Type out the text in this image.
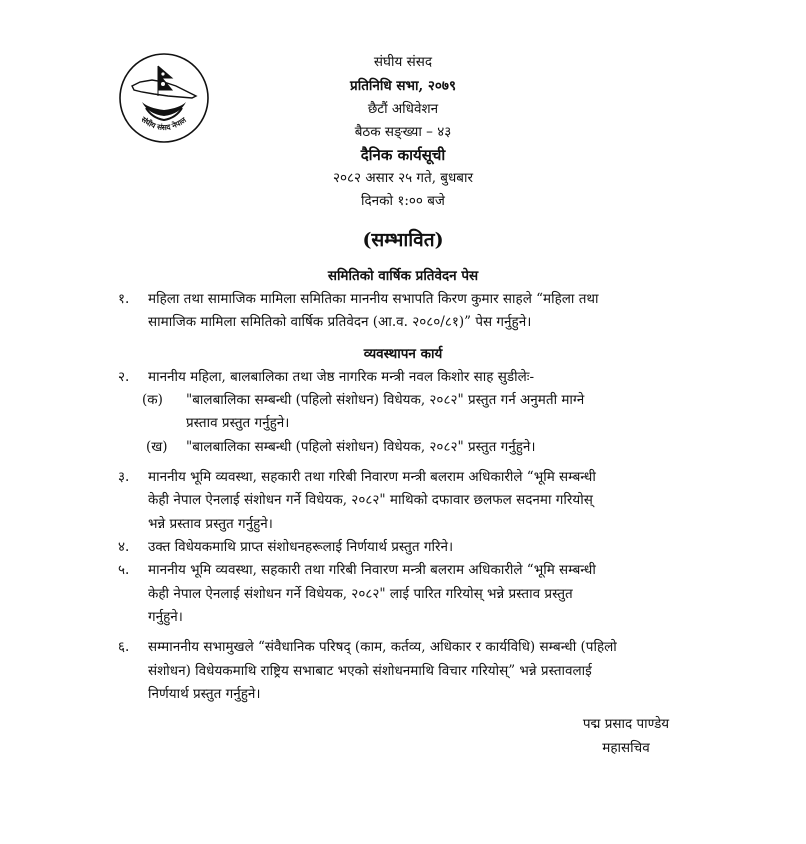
संघीय संसद नेपाल
संघीय संसद
प्रतिनिधि सभा, २०७९
छैटौं अधिवेशन
बैठक सङ्ख्या – ४३
दैनिक कार्यसूची
२०८२ असार २५ गते, बुधबार
दिनको १:०० बजे
(सम्भावित)
समितिको वार्षिक प्रतिवेदन पेस
१. महिला तथा सामाजिक मामिला समितिका माननीय सभापति किरण कुमार साहले “महिला तथा
सामाजिक मामिला समितिको वार्षिक प्रतिवेदन (आ.व. २०८०/८१)” पेस गर्नुहुने।
व्यवस्थापन कार्य
२. माननीय महिला, बालबालिका तथा जेष्ठ नागरिक मन्त्री नवल किशोर साह सुडीलेः-
(क) "बालबालिका सम्बन्धी (पहिलो संशोधन) विधेयक, २०८२" प्रस्तुत गर्न अनुमती माग्ने
प्रस्ताव प्रस्तुत गर्नुहुने।
(ख) "बालबालिका सम्बन्धी (पहिलो संशोधन) विधेयक, २०८२" प्रस्तुत गर्नुहुने।
३. माननीय भूमि व्यवस्था, सहकारी तथा गरिबी निवारण मन्त्री बलराम अधिकारीले “भूमि सम्बन्धी
केही नेपाल ऐनलाई संशोधन गर्ने विधेयक, २०८२" माथिको दफावार छलफल सदनमा गरियोस्
भन्ने प्रस्ताव प्रस्तुत गर्नुहुने।
४. उक्त विधेयकमाथि प्राप्त संशोधनहरूलाई निर्णयार्थ प्रस्तुत गरिने।
५. माननीय भूमि व्यवस्था, सहकारी तथा गरिबी निवारण मन्त्री बलराम अधिकारीले “भूमि सम्बन्धी
केही नेपाल ऐनलाई संशोधन गर्ने विधेयक, २०८२" लाई पारित गरियोस् भन्ने प्रस्ताव प्रस्तुत
गर्नुहुने।
६. सम्माननीय सभामुखले “संवैधानिक परिषद् (काम, कर्तव्य, अधिकार र कार्यविधि) सम्बन्धी (पहिलो
संशोधन) विधेयकमाथि राष्ट्रिय सभाबाट भएको संशोधनमाथि विचार गरियोस्” भन्ने प्रस्तावलाई
निर्णयार्थ प्रस्तुत गर्नुहुने।
पद्म प्रसाद पाण्डेय
महासचिव
